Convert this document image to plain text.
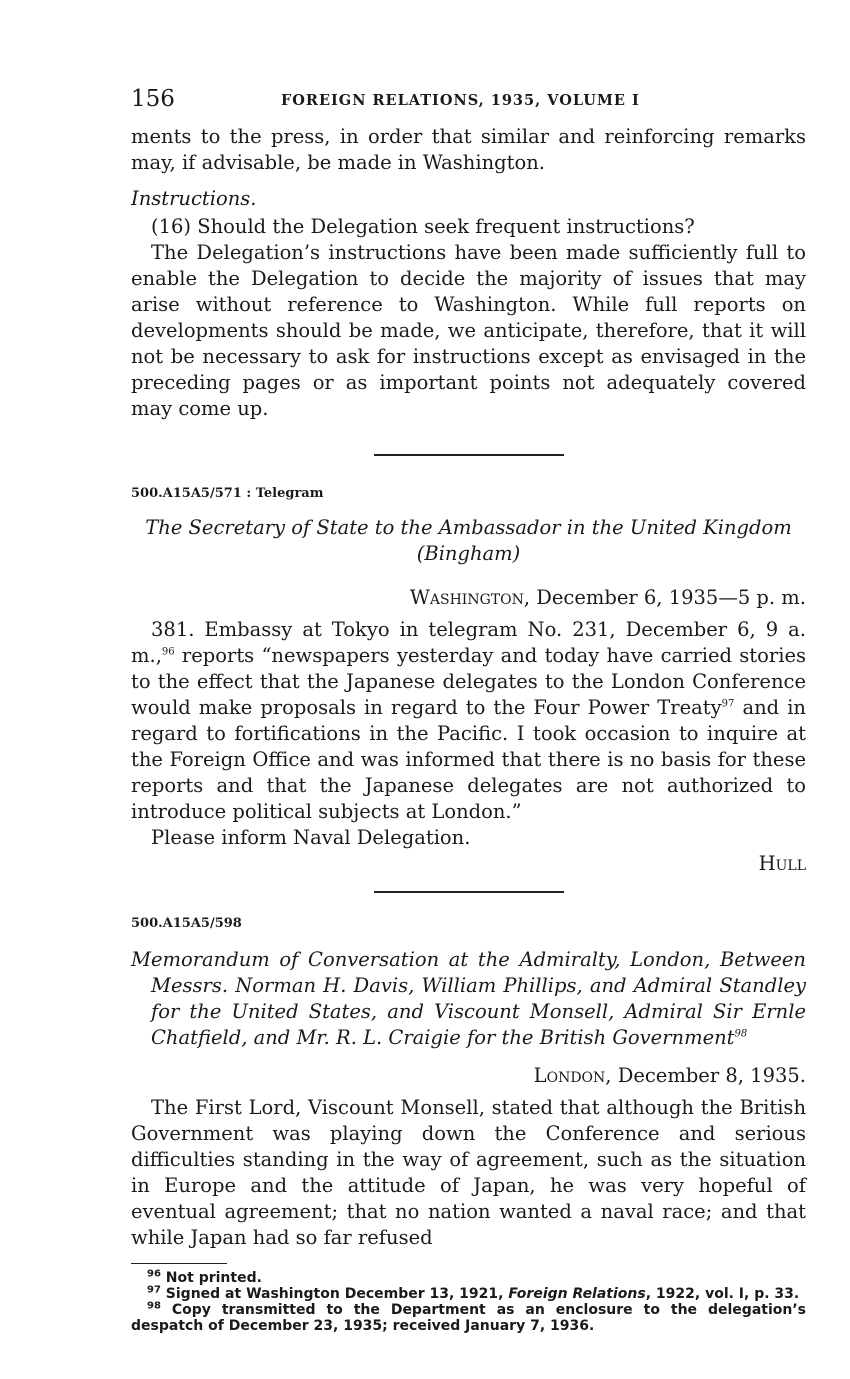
156	FOREIGN RELATIONS, 1935, VOLUME I

ments to the press, in order that similar and reinforcing remarks may, if advisable, be made in Washington.

Instructions.

(16) Should the Delegation seek frequent instructions?

The Delegation’s instructions have been made sufficiently full to enable the Delegation to decide the majority of issues that may arise without reference to Washington. While full reports on developments should be made, we anticipate, therefore, that it will not be necessary to ask for instructions except as envisaged in the preceding pages or as important points not adequately covered may come up.

500.A15A5/571 : Telegram

The Secretary of State to the Ambassador in the United Kingdom

(Bingham)

Washington, December 6, 1935—5 p. m.

381. Embassy at Tokyo in telegram No. 231, December 6, 9 a. m.,$^{96}$ reports “newspapers yesterday and today have carried stories to the effect that the Japanese delegates to the London Conference would make proposals in regard to the Four Power Treaty$^{97}$ and in regard to fortifications in the Pacific. I took occasion to inquire at the Foreign Office and was informed that there is no basis for these reports and that the Japanese delegates are not authorized to introduce political subjects at London.”

Please inform Naval Delegation.

Hull

500.A15A5/598

Memorandum of Conversation at the Admiralty, London, Between Messrs. Norman H. Davis, William Phillips, and Admiral Standley for the United States, and Viscount Monsell, Admiral Sir Ernle Chatfield, and Mr. R. L. Craigie for the British Government$^{98}$

London, December 8, 1935.

The First Lord, Viscount Monsell, stated that although the British Government was playing down the Conference and serious difficulties standing in the way of agreement, such as the situation in Europe and the attitude of Japan, he was very hopeful of eventual agreement; that no nation wanted a naval race; and that while Japan had so far refused

$^{96}$ Not printed.

$^{97}$ Signed at Washington December 13, 1921, Foreign Relations, 1922, vol. I, p. 33.

$^{98}$ Copy transmitted to the Department as an enclosure to the delegation’s despatch of December 23, 1935; received January 7, 1936.
